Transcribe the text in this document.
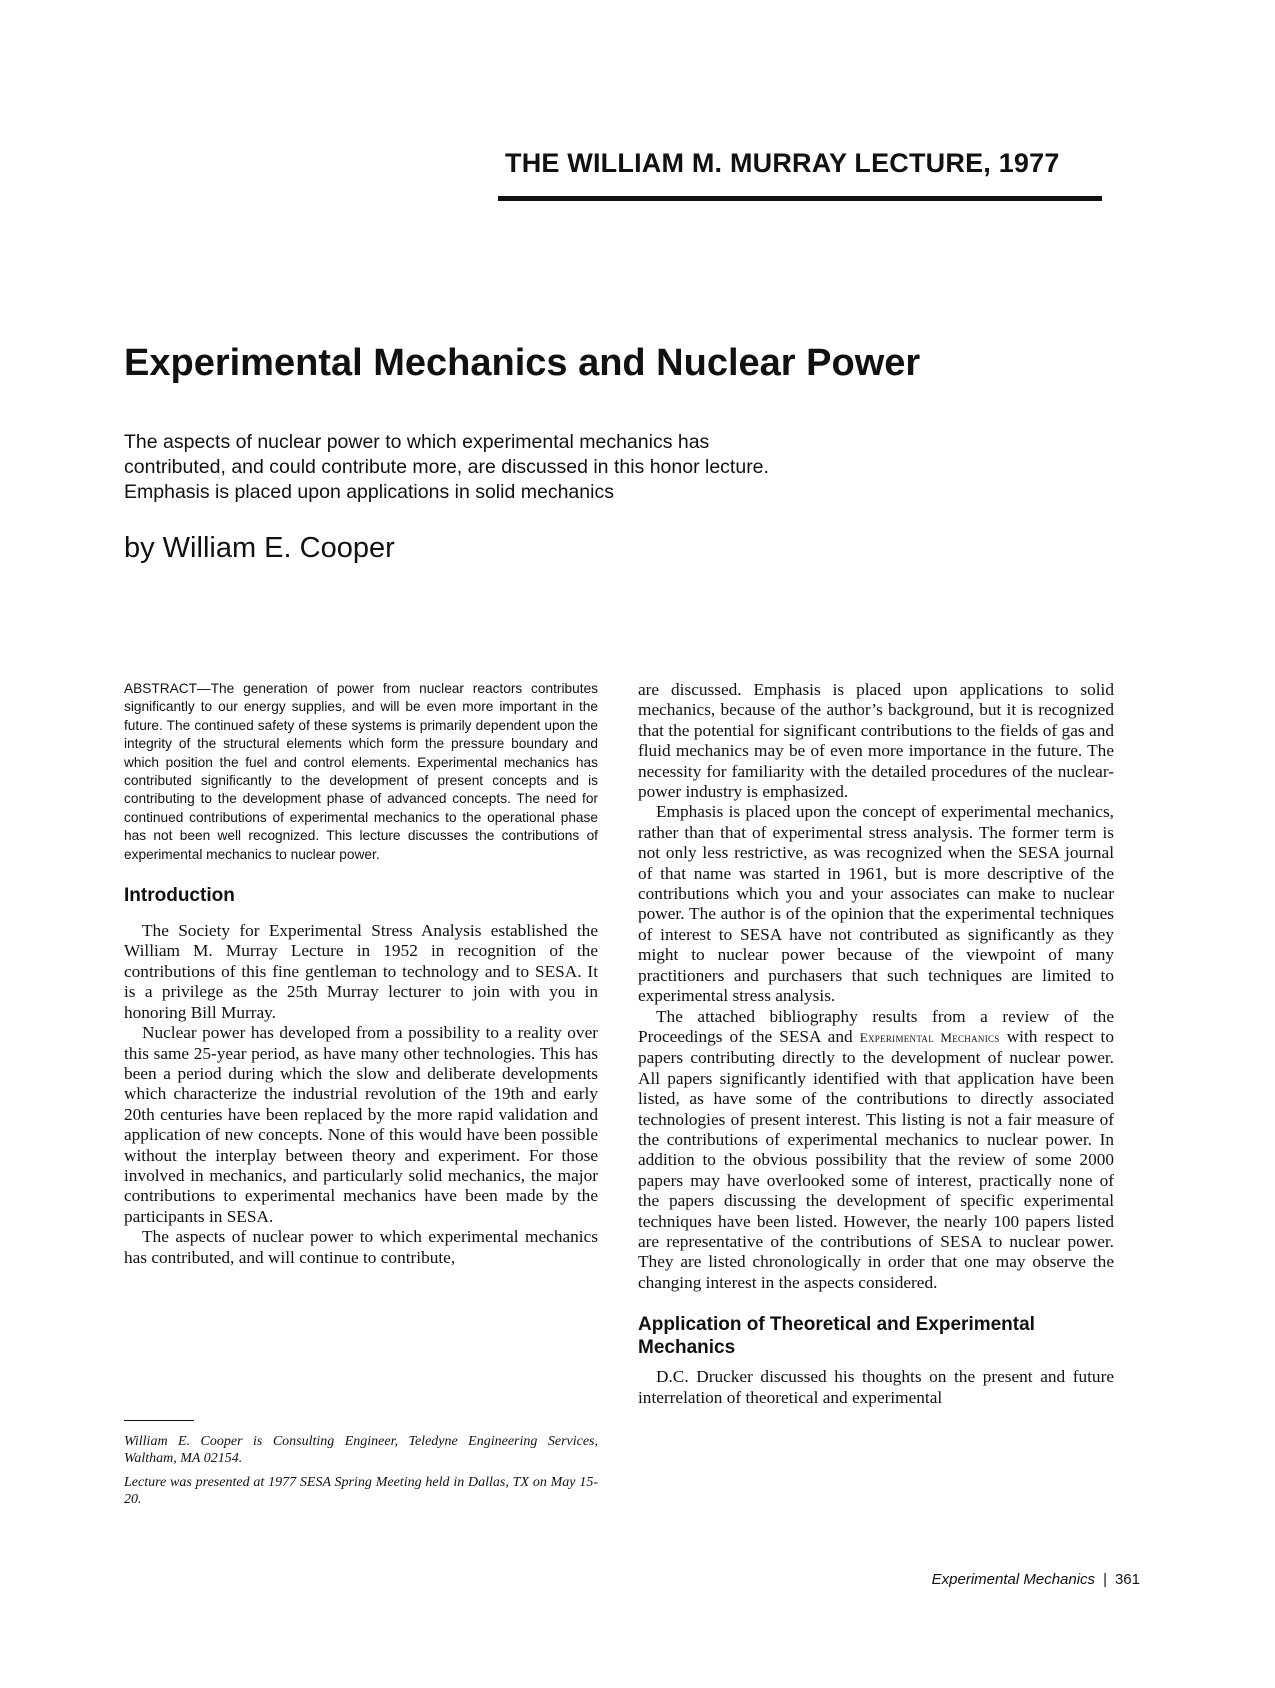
THE WILLIAM M. MURRAY LECTURE, 1977
Experimental Mechanics and Nuclear Power

The aspects of nuclear power to which experimental mechanics has

contributed, and could contribute more, are discussed in this honor lecture.

Emphasis is placed upon applications in solid mechanics

by William E. Cooper

ABSTRACT—The generation of power from nuclear reactors contributes significantly to our energy supplies, and will be even more important in the future. The continued safety of these systems is primarily dependent upon the integrity of the structural elements which form the pressure boundary and which position the fuel and control elements. Experimental mechanics has contributed significantly to the development of present concepts and is contributing to the development phase of advanced concepts. The need for continued contributions of experimental mechanics to the operational phase has not been well recognized. This lecture discusses the contributions of experimental mechanics to nuclear power.

Introduction

The Society for Experimental Stress Analysis established the William M. Murray Lecture in 1952 in recognition of the contributions of this fine gentleman to technology and to SESA. It is a privilege as the 25th Murray lecturer to join with you in honoring Bill Murray.

Nuclear power has developed from a possibility to a reality over this same 25-year period, as have many other technologies. This has been a period during which the slow and deliberate developments which characterize the industrial revolution of the 19th and early 20th centuries have been replaced by the more rapid validation and application of new concepts. None of this would have been possible without the interplay between theory and experiment. For those involved in mechanics, and particularly solid mechanics, the major contributions to experimental mechanics have been made by the participants in SESA.

The aspects of nuclear power to which experimental mechanics has contributed, and will continue to contribute,

William E. Cooper is Consulting Engineer, Teledyne Engineering Services, Waltham, MA 02154.

Lecture was presented at 1977 SESA Spring Meeting held in Dallas, TX on May 15-20.

are discussed. Emphasis is placed upon applications to solid mechanics, because of the author’s background, but it is recognized that the potential for significant contributions to the fields of gas and fluid mechanics may be of even more importance in the future. The necessity for familiarity with the detailed procedures of the nuclear-power industry is emphasized.

Emphasis is placed upon the concept of experimental mechanics, rather than that of experimental stress analysis. The former term is not only less restrictive, as was recognized when the SESA journal of that name was started in 1961, but is more descriptive of the contributions which you and your associates can make to nuclear power. The author is of the opinion that the experimental techniques of interest to SESA have not contributed as significantly as they might to nuclear power because of the viewpoint of many practitioners and purchasers that such techniques are limited to experimental stress analysis.

The attached bibliography results from a review of the Proceedings of the SESA and Experimental Mechanics with respect to papers contributing directly to the development of nuclear power. All papers significantly identified with that application have been listed, as have some of the contributions to directly associated technologies of present interest. This listing is not a fair measure of the contributions of experimental mechanics to nuclear power. In addition to the obvious possibility that the review of some 2000 papers may have overlooked some of interest, practically none of the papers discussing the development of specific experimental techniques have been listed. However, the nearly 100 papers listed are representative of the contributions of SESA to nuclear power. They are listed chronologically in order that one may observe the changing interest in the aspects considered.

Application of Theoretical and Experimental Mechanics

D.C. Drucker discussed his thoughts on the present and future interrelation of theoretical and experimental

Experimental Mechanics | 361
